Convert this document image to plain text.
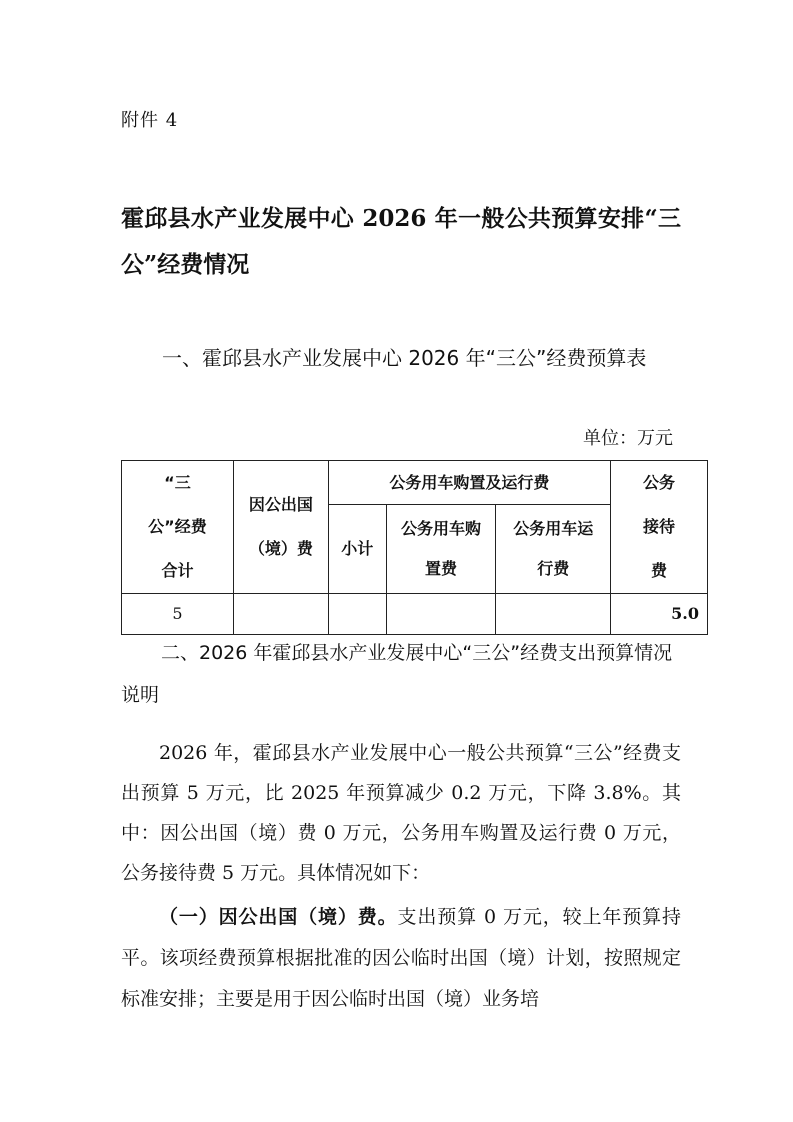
附件 4
霍邱县水产业发展中心 2026 年一般公共预算安排“三公”经费情况
一、霍邱县水产业发展中心 2026 年“三公”经费预算表
单位：万元
“三公”经费合计	因公出国（境）费	公务用车购置及运行费			公务接待费
		小计	公务用车购置费	公务用车运行费	
5					5.0
二、2026 年霍邱县水产业发展中心“三公”经费支出预算情况说明
2026 年，霍邱县水产业发展中心一般公共预算“三公”经费支出预算 5 万元，比 2025 年预算减少 0.2 万元，下降 3.8%。其中：因公出国（境）费 0 万元，公务用车购置及运行费 0 万元，公务接待费 5 万元。具体情况如下：
（一）因公出国（境）费。支出预算 0 万元，较上年预算持平。该项经费预算根据批准的因公临时出国（境）计划，按照规定标准安排；主要是用于因公临时出国（境）业务培
